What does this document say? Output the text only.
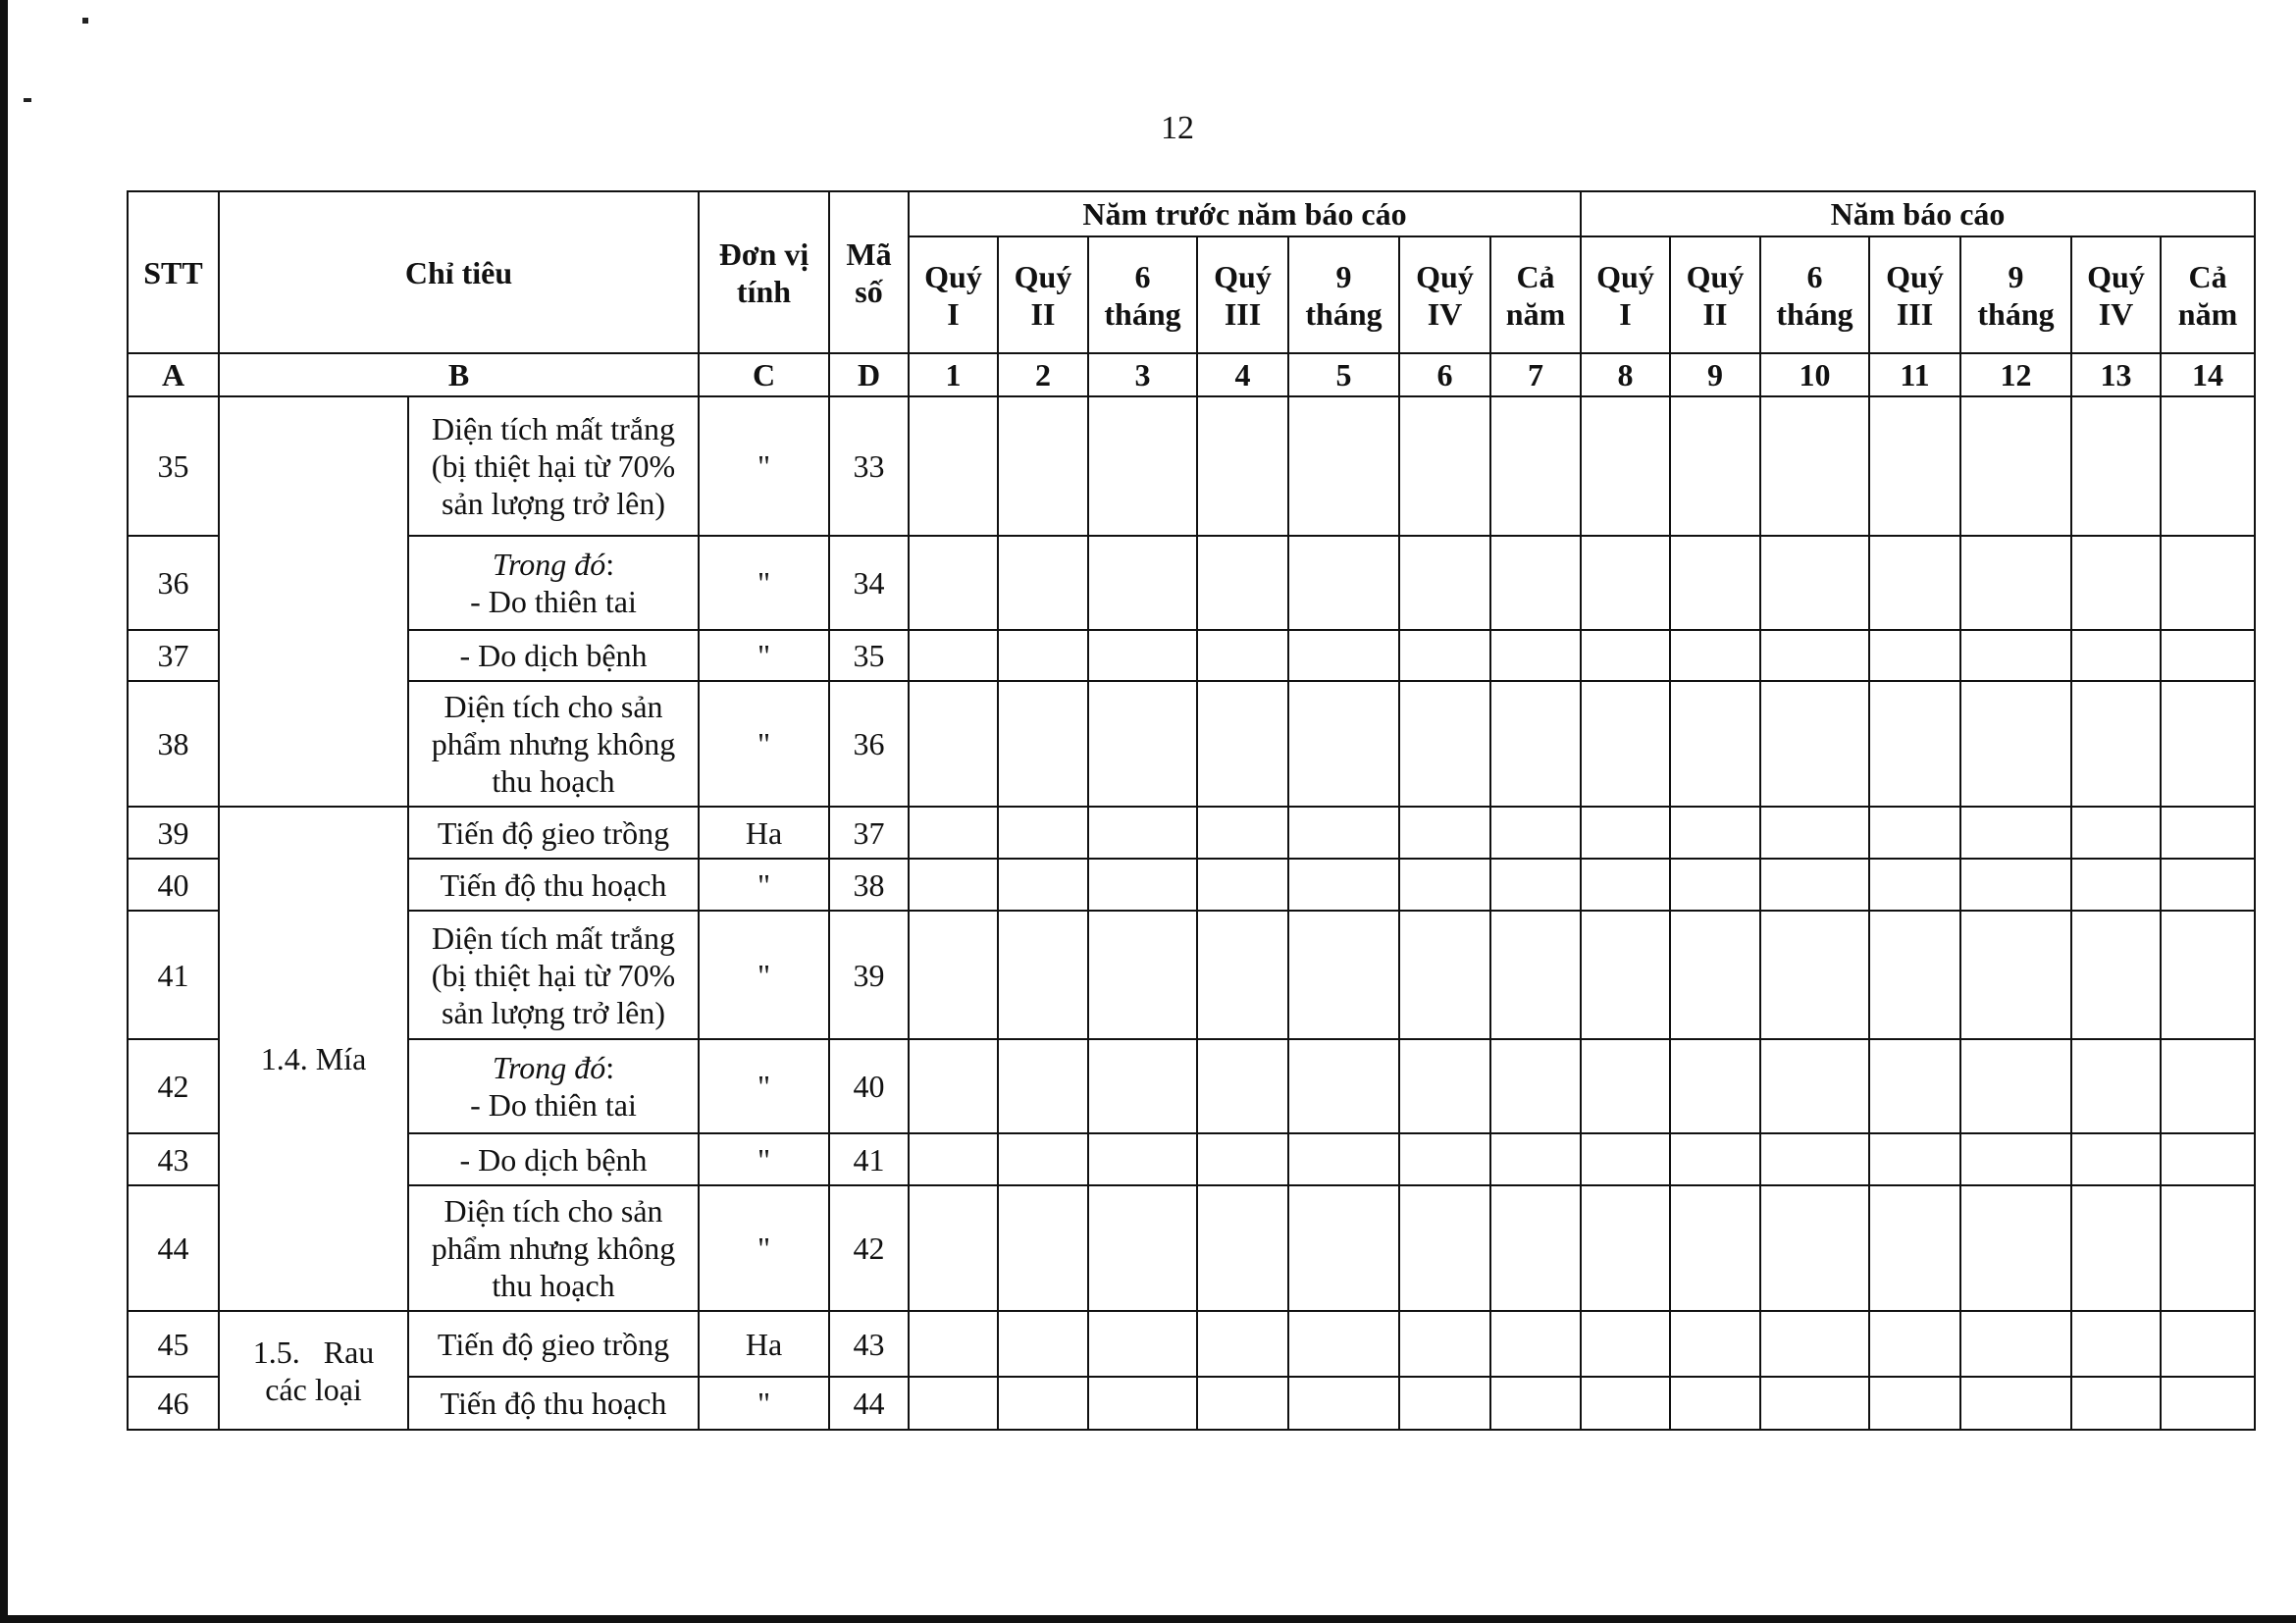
12
STT	Chỉ tiêu		Đơn vị tính	Mã số	Năm trước năm báo cáo							Năm báo cáo						
					Quý I	Quý II	6 tháng	Quý III	9 tháng	Quý IV	Cả năm	Quý I	Quý II	6 tháng	Quý III	9 tháng	Quý IV	Cả năm
A	B		C	D	1	2	3	4	5	6	7	8	9	10	11	12	13	14
35		Diện tích mất trắng
(bị thiệt hại từ 70%
sản lượng trở lên)	"	33														
36		Trong đó:
- Do thiên tai	"	34														
37		- Do dịch bệnh	"	35														
38		Diện tích cho sản
phẩm nhưng không
thu hoạch	"	36														
39	1.4. Mía	Tiến độ gieo trồng	Ha	37														
40		Tiến độ thu hoạch	"	38														
41		Diện tích mất trắng
(bị thiệt hại từ 70%
sản lượng trở lên)	"	39														
42		Trong đó:
- Do thiên tai	"	40														
43		- Do dịch bệnh	"	41														
44		Diện tích cho sản
phẩm nhưng không
thu hoạch	"	42														
45	1.5.   Rau
các loại	Tiến độ gieo trồng	Ha	43														
46		Tiến độ thu hoạch	"	44														
